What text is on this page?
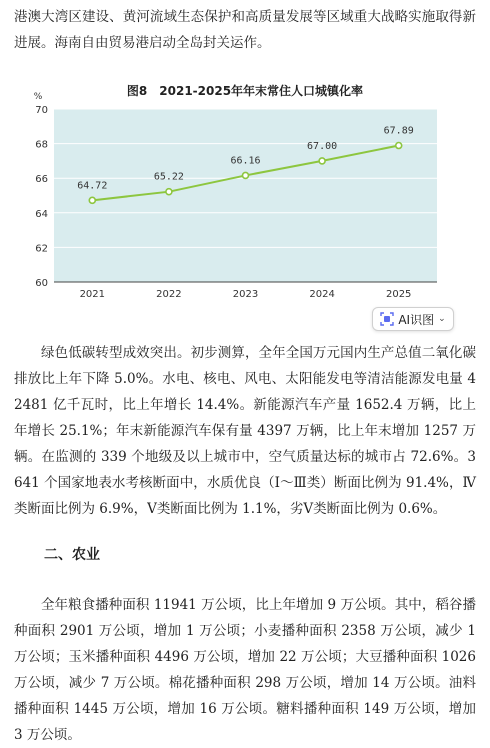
港澳大湾区建设、黄河流域生态保护和高质量发展等区域重大战略实施取得新进展。海南自由贸易港启动全岛封关运作。

图8　2021-2025年年末常住人口城镇化率
60
62
64
66
68
70
%
2021	2022	2023	2024	2025
64.72
65.22
66.16
67.00
67.89
AI识图 ⌄

绿色低碳转型成效突出。初步测算，全年全国万元国内生产总值二氧化碳排放比上年下降 5.0%。水电、核电、风电、太阳能发电等清洁能源发电量 42481 亿千瓦时，比上年增长 14.4%。新能源汽车产量 1652.4 万辆，比上年增长 25.1%；年末新能源汽车保有量 4397 万辆，比上年末增加 1257 万辆。在监测的 339 个地级及以上城市中，空气质量达标的城市占 72.6%。3641 个国家地表水考核断面中，水质优良（Ⅰ～Ⅲ类）断面比例为 91.4%，Ⅳ类断面比例为 6.9%，Ⅴ类断面比例为 1.1%，劣Ⅴ类断面比例为 0.6%。

二、农业

全年粮食播种面积 11941 万公顷，比上年增加 9 万公顷。其中，稻谷播种面积 2901 万公顷，增加 1 万公顷；小麦播种面积 2358 万公顷，减少 1 万公顷；玉米播种面积 4496 万公顷，增加 22 万公顷；大豆播种面积 1026 万公顷，减少 7 万公顷。棉花播种面积 298 万公顷，增加 14 万公顷。油料播种面积 1445 万公顷，增加 16 万公顷。糖料播种面积 149 万公顷，增加 3 万公顷。
